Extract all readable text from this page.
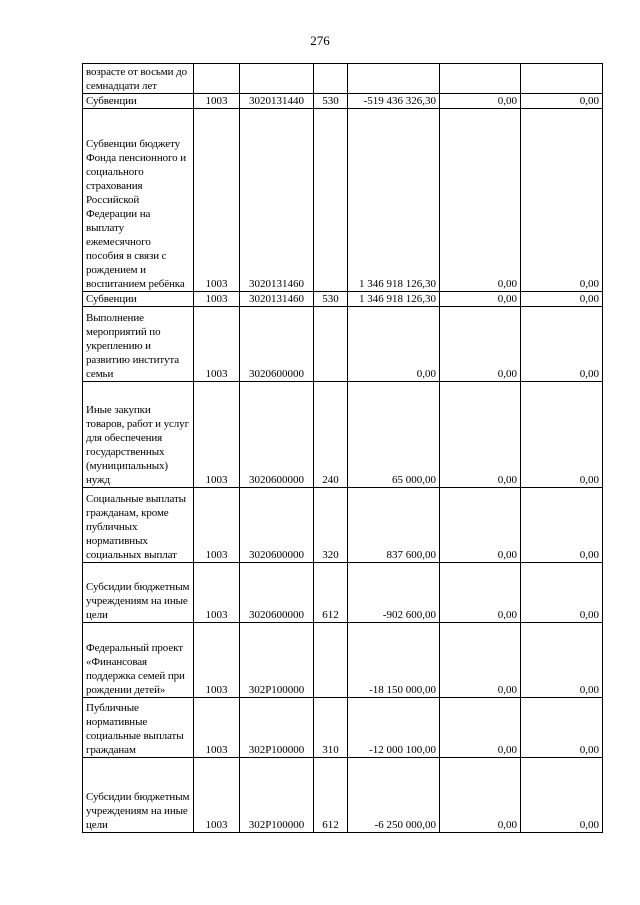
276
возрасте от восьми до семнадцати лет						
Субвенции	1003	3020131440	530	-519 436 326,30	0,00	0,00
Субвенции бюджету Фонда пенсионного и социального страхования Российской Федерации на выплату ежемесячного пособия в связи с рождением и воспитанием ребёнка	1003	3020131460		1 346 918 126,30	0,00	0,00
Субвенции	1003	3020131460	530	1 346 918 126,30	0,00	0,00
Выполнение мероприятий по укреплению и развитию института семьи	1003	3020600000		0,00	0,00	0,00
Иные закупки товаров, работ и услуг для обеспечения государственных (муниципальных) нужд	1003	3020600000	240	65 000,00	0,00	0,00
Социальные выплаты гражданам, кроме публичных нормативных социальных выплат	1003	3020600000	320	837 600,00	0,00	0,00
Субсидии бюджетным учреждениям на иные цели	1003	3020600000	612	-902 600,00	0,00	0,00
Федеральный проект «Финансовая поддержка семей при рождении детей»	1003	302P100000		-18 150 000,00	0,00	0,00
Публичные нормативные социальные выплаты гражданам	1003	302P100000	310	-12 000 100,00	0,00	0,00
Субсидии бюджетным учреждениям на иные цели	1003	302P100000	612	-6 250 000,00	0,00	0,00
